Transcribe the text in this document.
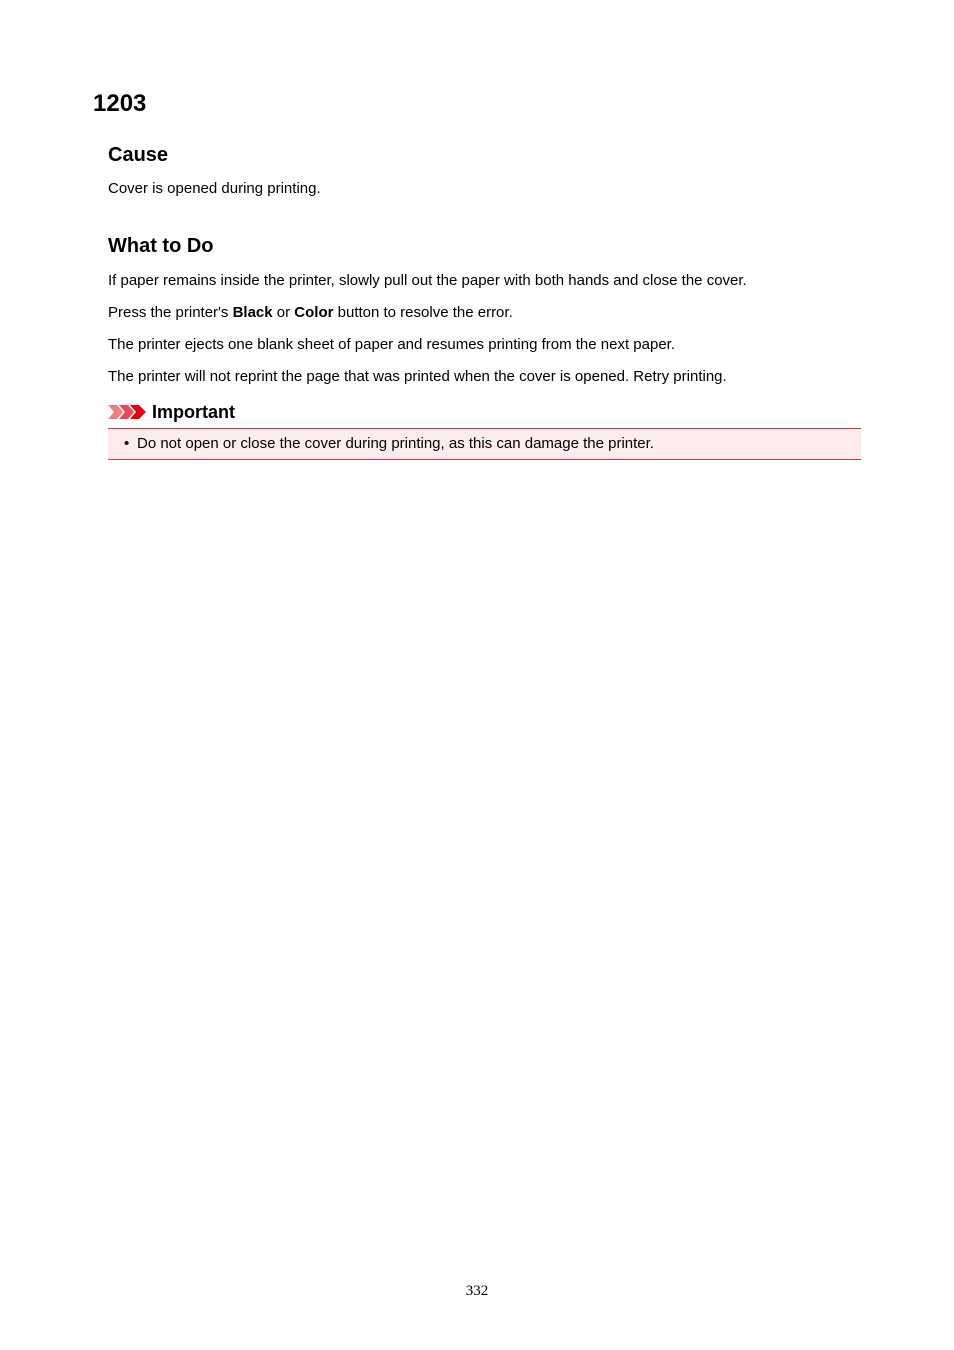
1203
Cause

Cover is opened during printing.

What to Do

If paper remains inside the printer, slowly pull out the paper with both hands and close the cover.

Press the printer's Black or Color button to resolve the error.

The printer ejects one blank sheet of paper and resumes printing from the next paper.

The printer will not reprint the page that was printed when the cover is opened. Retry printing.

Important
• Do not open or close the cover during printing, as this can damage the printer.
332
